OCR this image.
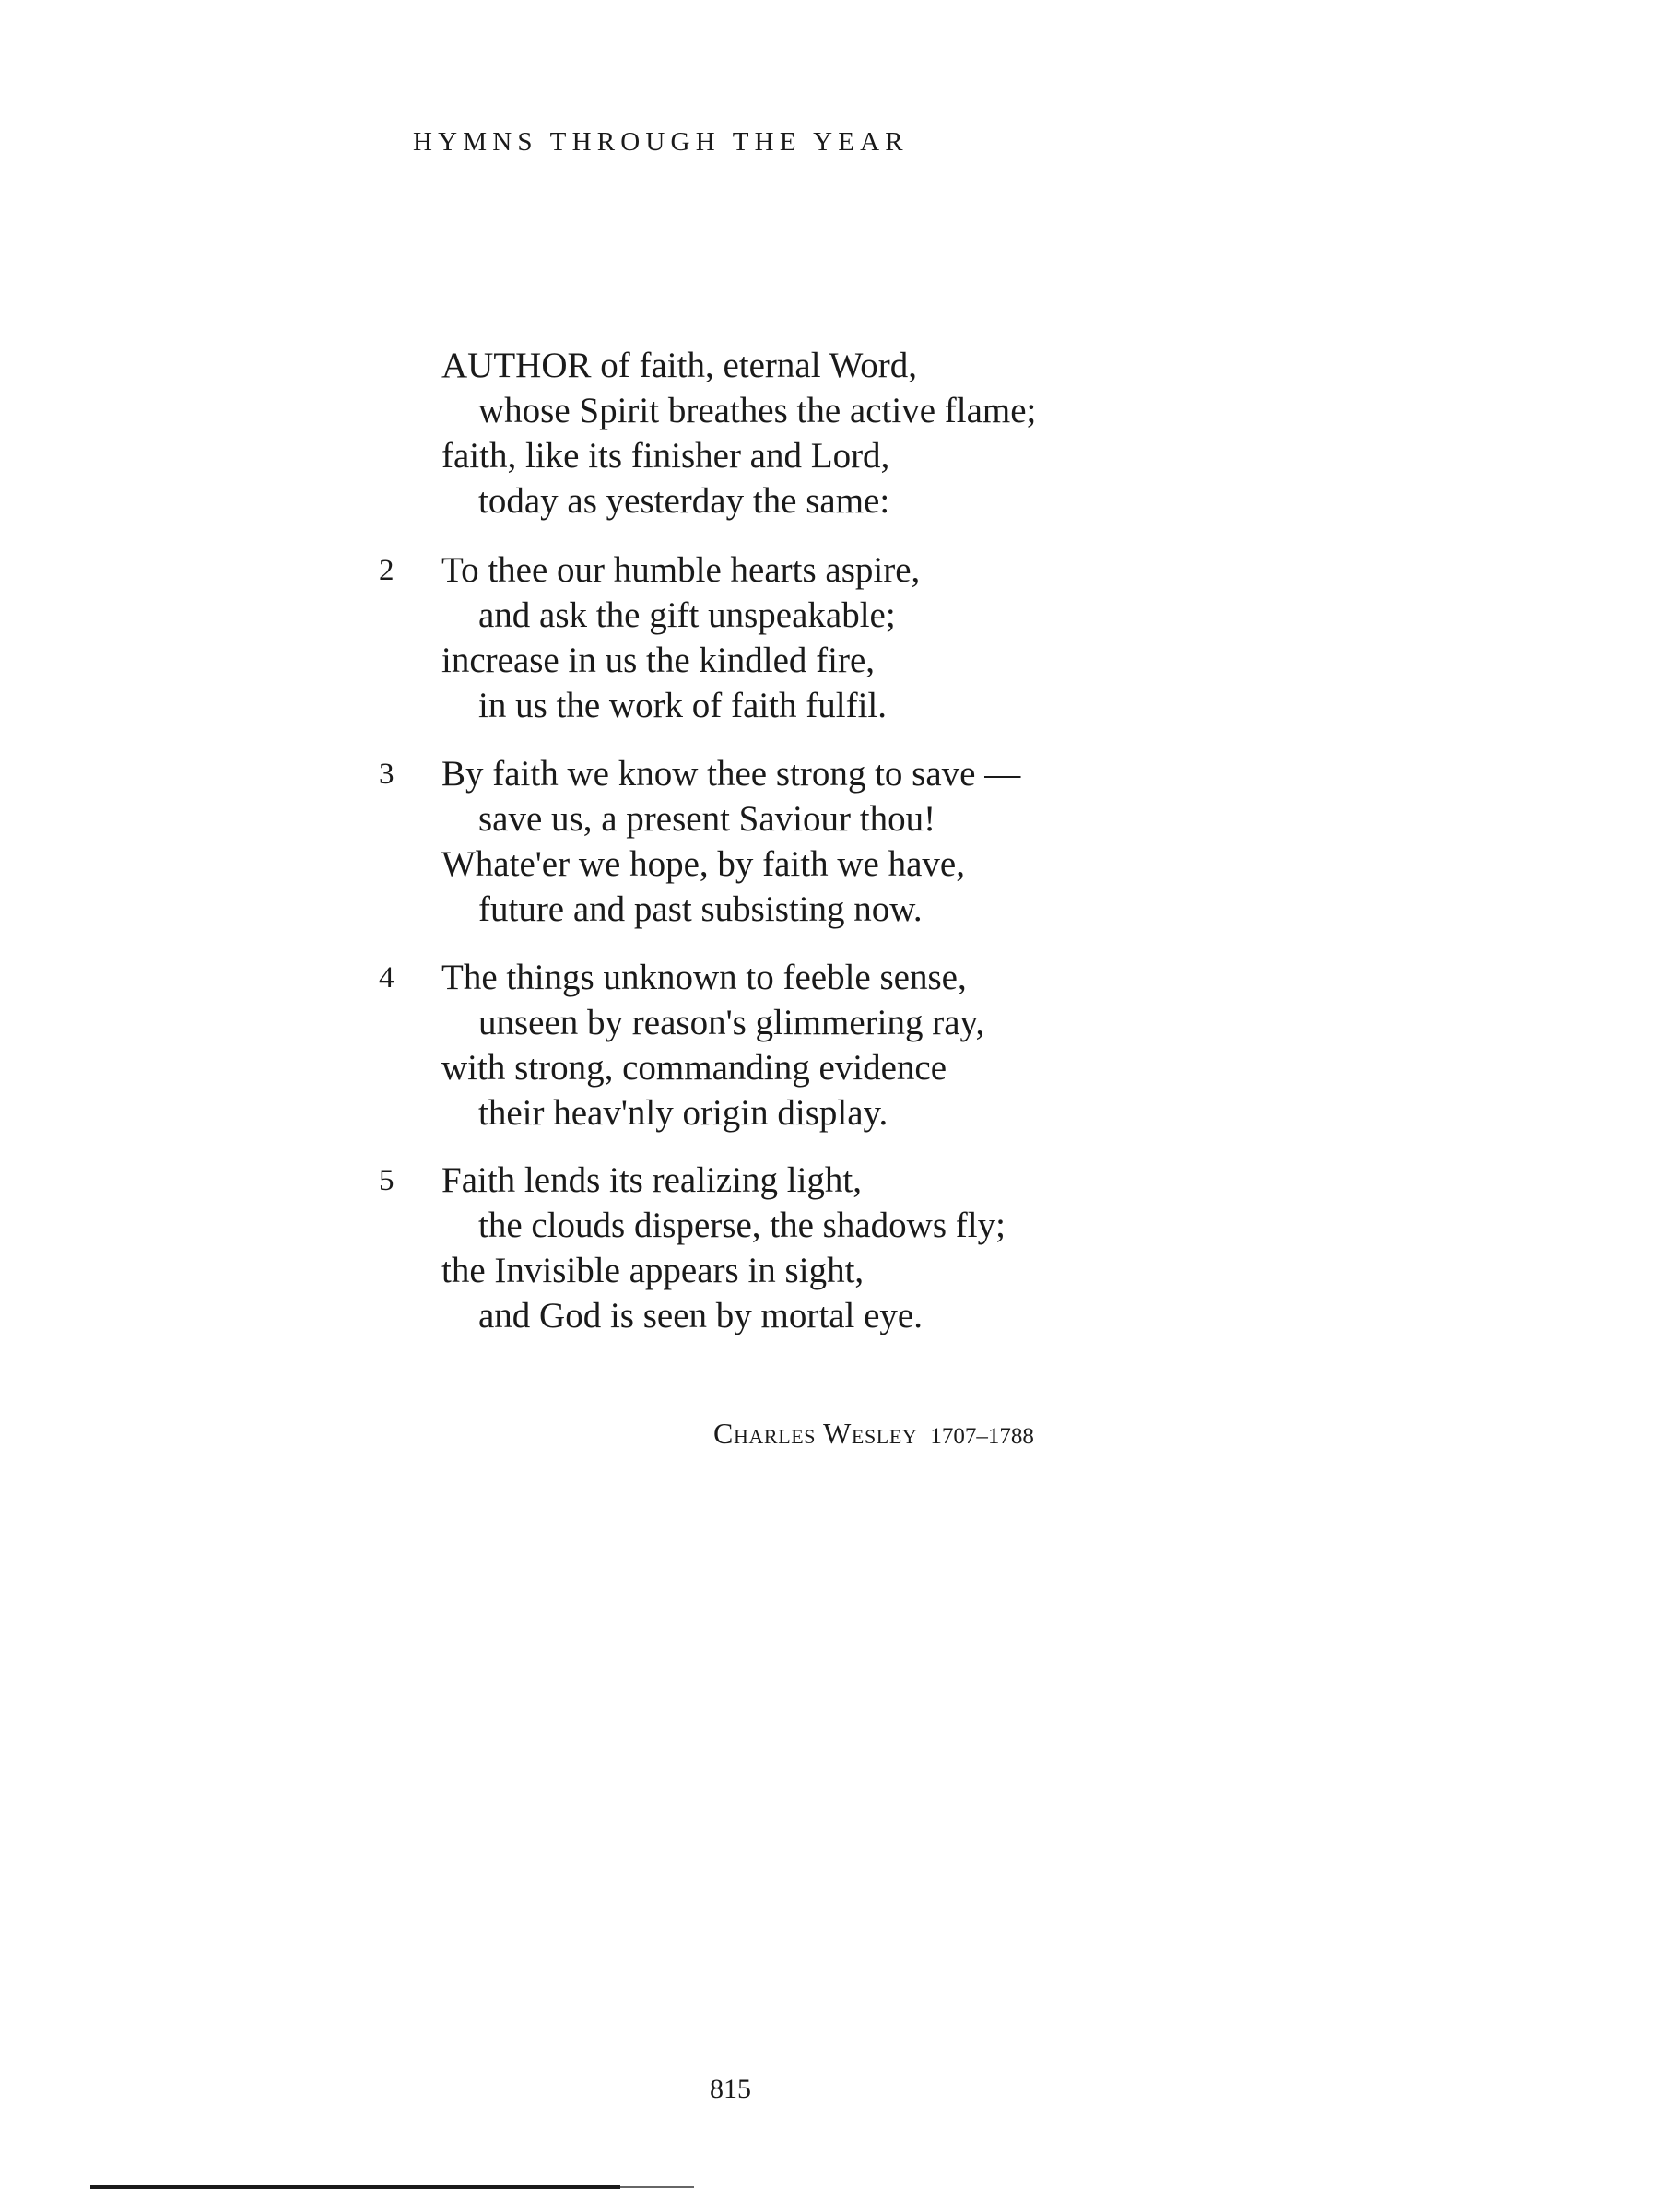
HYMNS THROUGH THE YEAR
AUTHOR of faith, eternal Word,
whose Spirit breathes the active flame;
faith, like its finisher and Lord,
today as yesterday the same:
2 To thee our humble hearts aspire,
and ask the gift unspeakable;
increase in us the kindled fire,
in us the work of faith fulfil.
3 By faith we know thee strong to save —
save us, a present Saviour thou!
Whate'er we hope, by faith we have,
future and past subsisting now.
4 The things unknown to feeble sense,
unseen by reason's glimmering ray,
with strong, commanding evidence
their heav'nly origin display.
5 Faith lends its realizing light,
the clouds disperse, the shadows fly;
the Invisible appears in sight,
and God is seen by mortal eye.
Charles Wesley 1707–1788
815
